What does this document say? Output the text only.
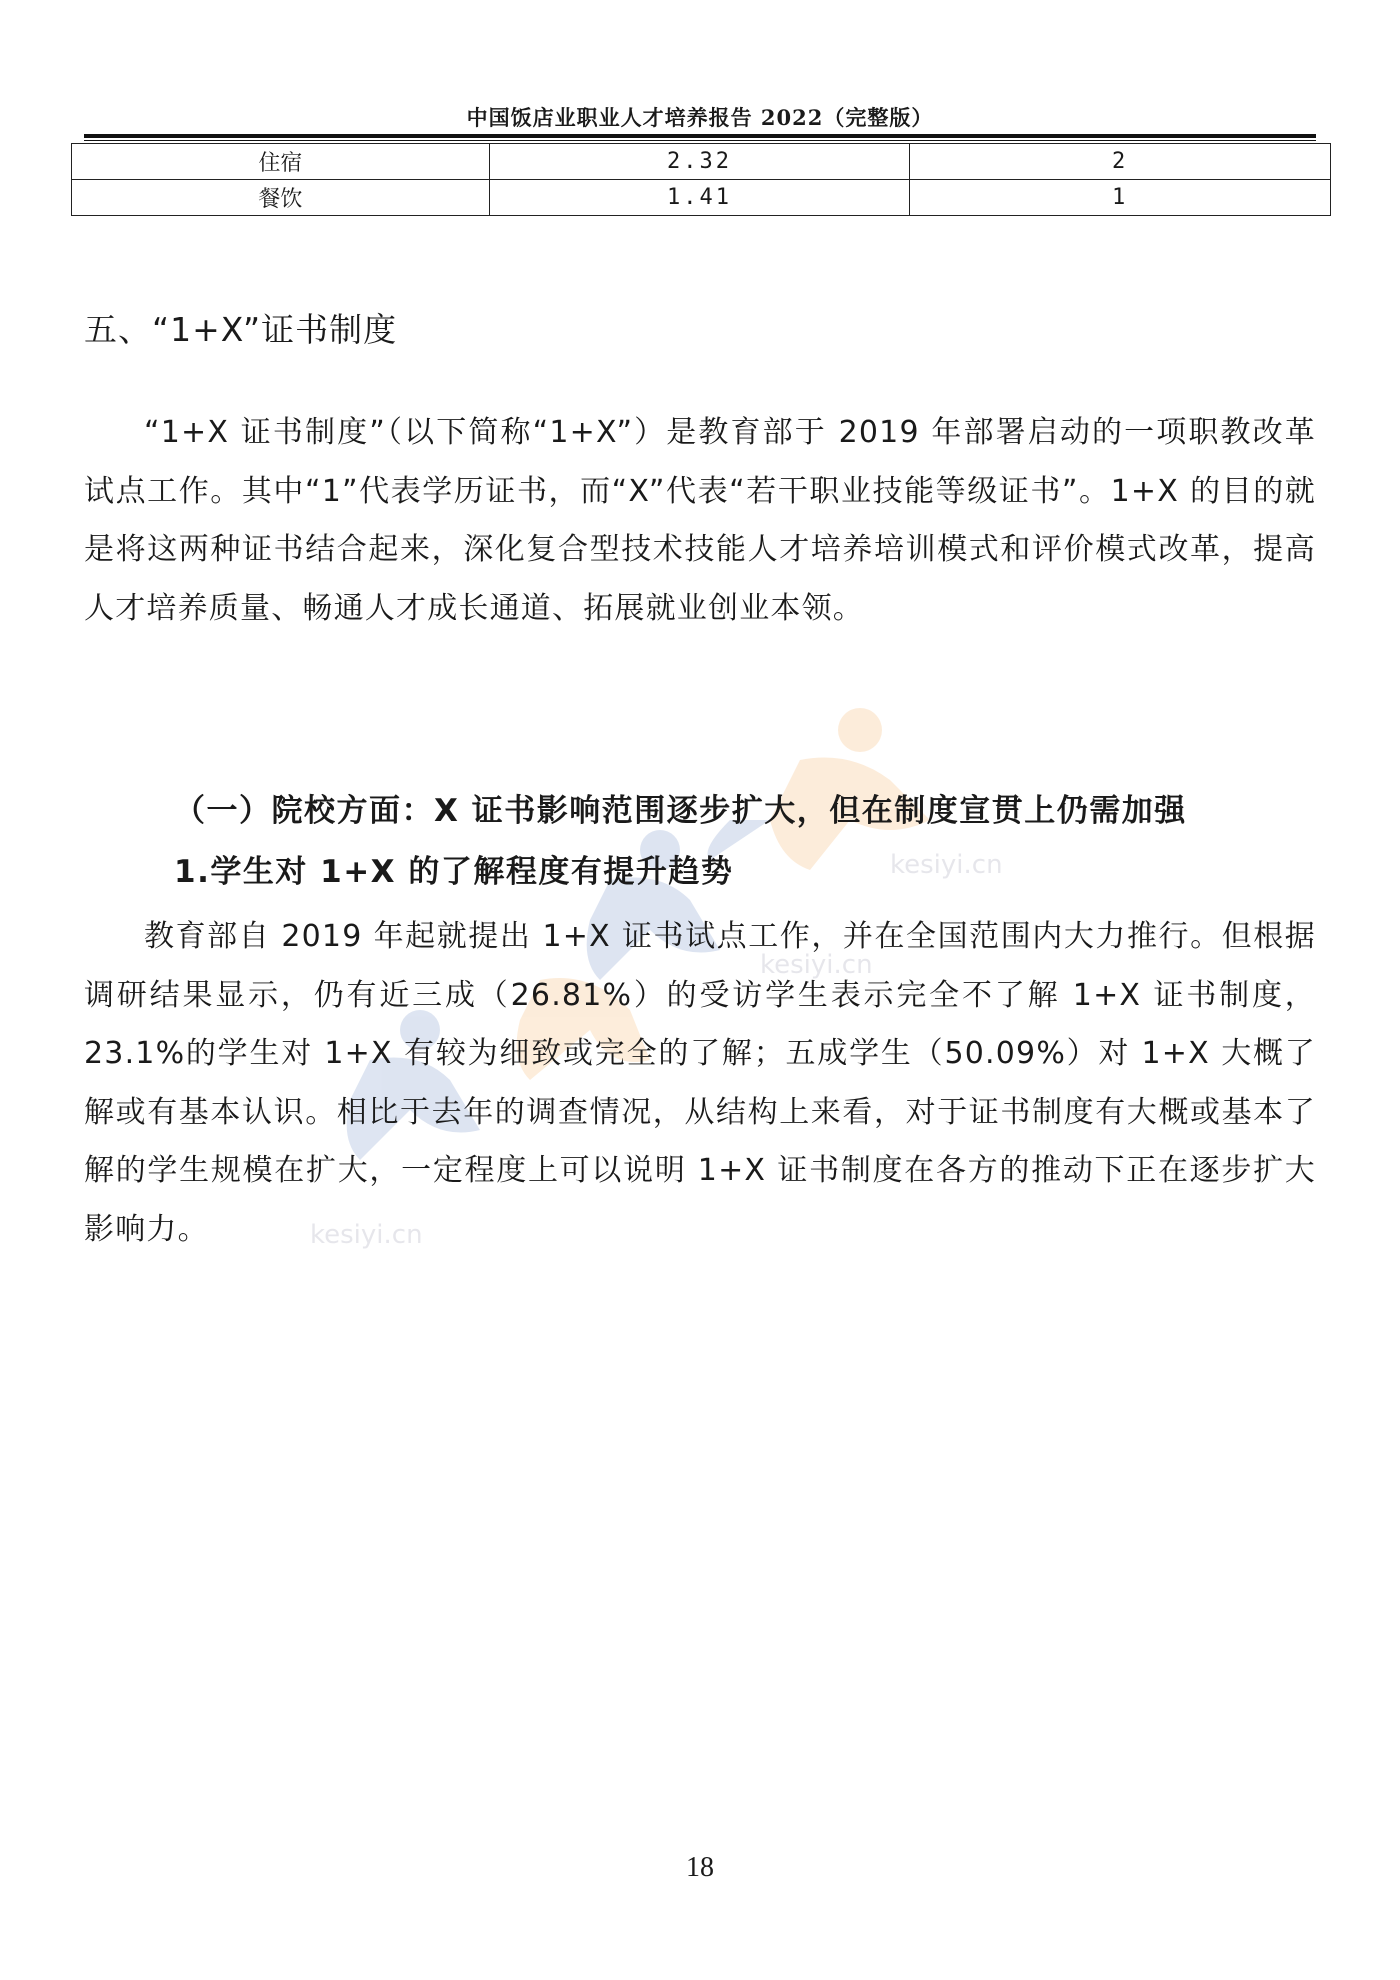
中国饭店业职业人才培养报告 2022（完整版）
住宿	2.32	2
餐饮	1.41	1
kesiyi.cn
kesiyi.cn
kesiyi.cn
五、“1+X”证书制度
“1+X 证书制度”（以下简称“1+X”）是教育部于 2019 年部署启动的一项职教改革试点工作。其中“1”代表学历证书，而“X”代表“若干职业技能等级证书”。1+X 的目的就是将这两种证书结合起来，深化复合型技术技能人才培养培训模式和评价模式改革，提高人才培养质量、畅通人才成长通道、拓展就业创业本领。
（一）院校方面：X 证书影响范围逐步扩大，但在制度宣贯上仍需加强
1.学生对 1+X 的了解程度有提升趋势
教育部自 2019 年起就提出 1+X 证书试点工作，并在全国范围内大力推行。但根据调研结果显示，仍有近三成（26.81%）的受访学生表示完全不了解 1+X 证书制度，23.1%的学生对 1+X 有较为细致或完全的了解；五成学生（50.09%）对 1+X 大概了解或有基本认识。相比于去年的调查情况，从结构上来看，对于证书制度有大概或基本了解的学生规模在扩大，一定程度上可以说明 1+X 证书制度在各方的推动下正在逐步扩大影响力。
18
